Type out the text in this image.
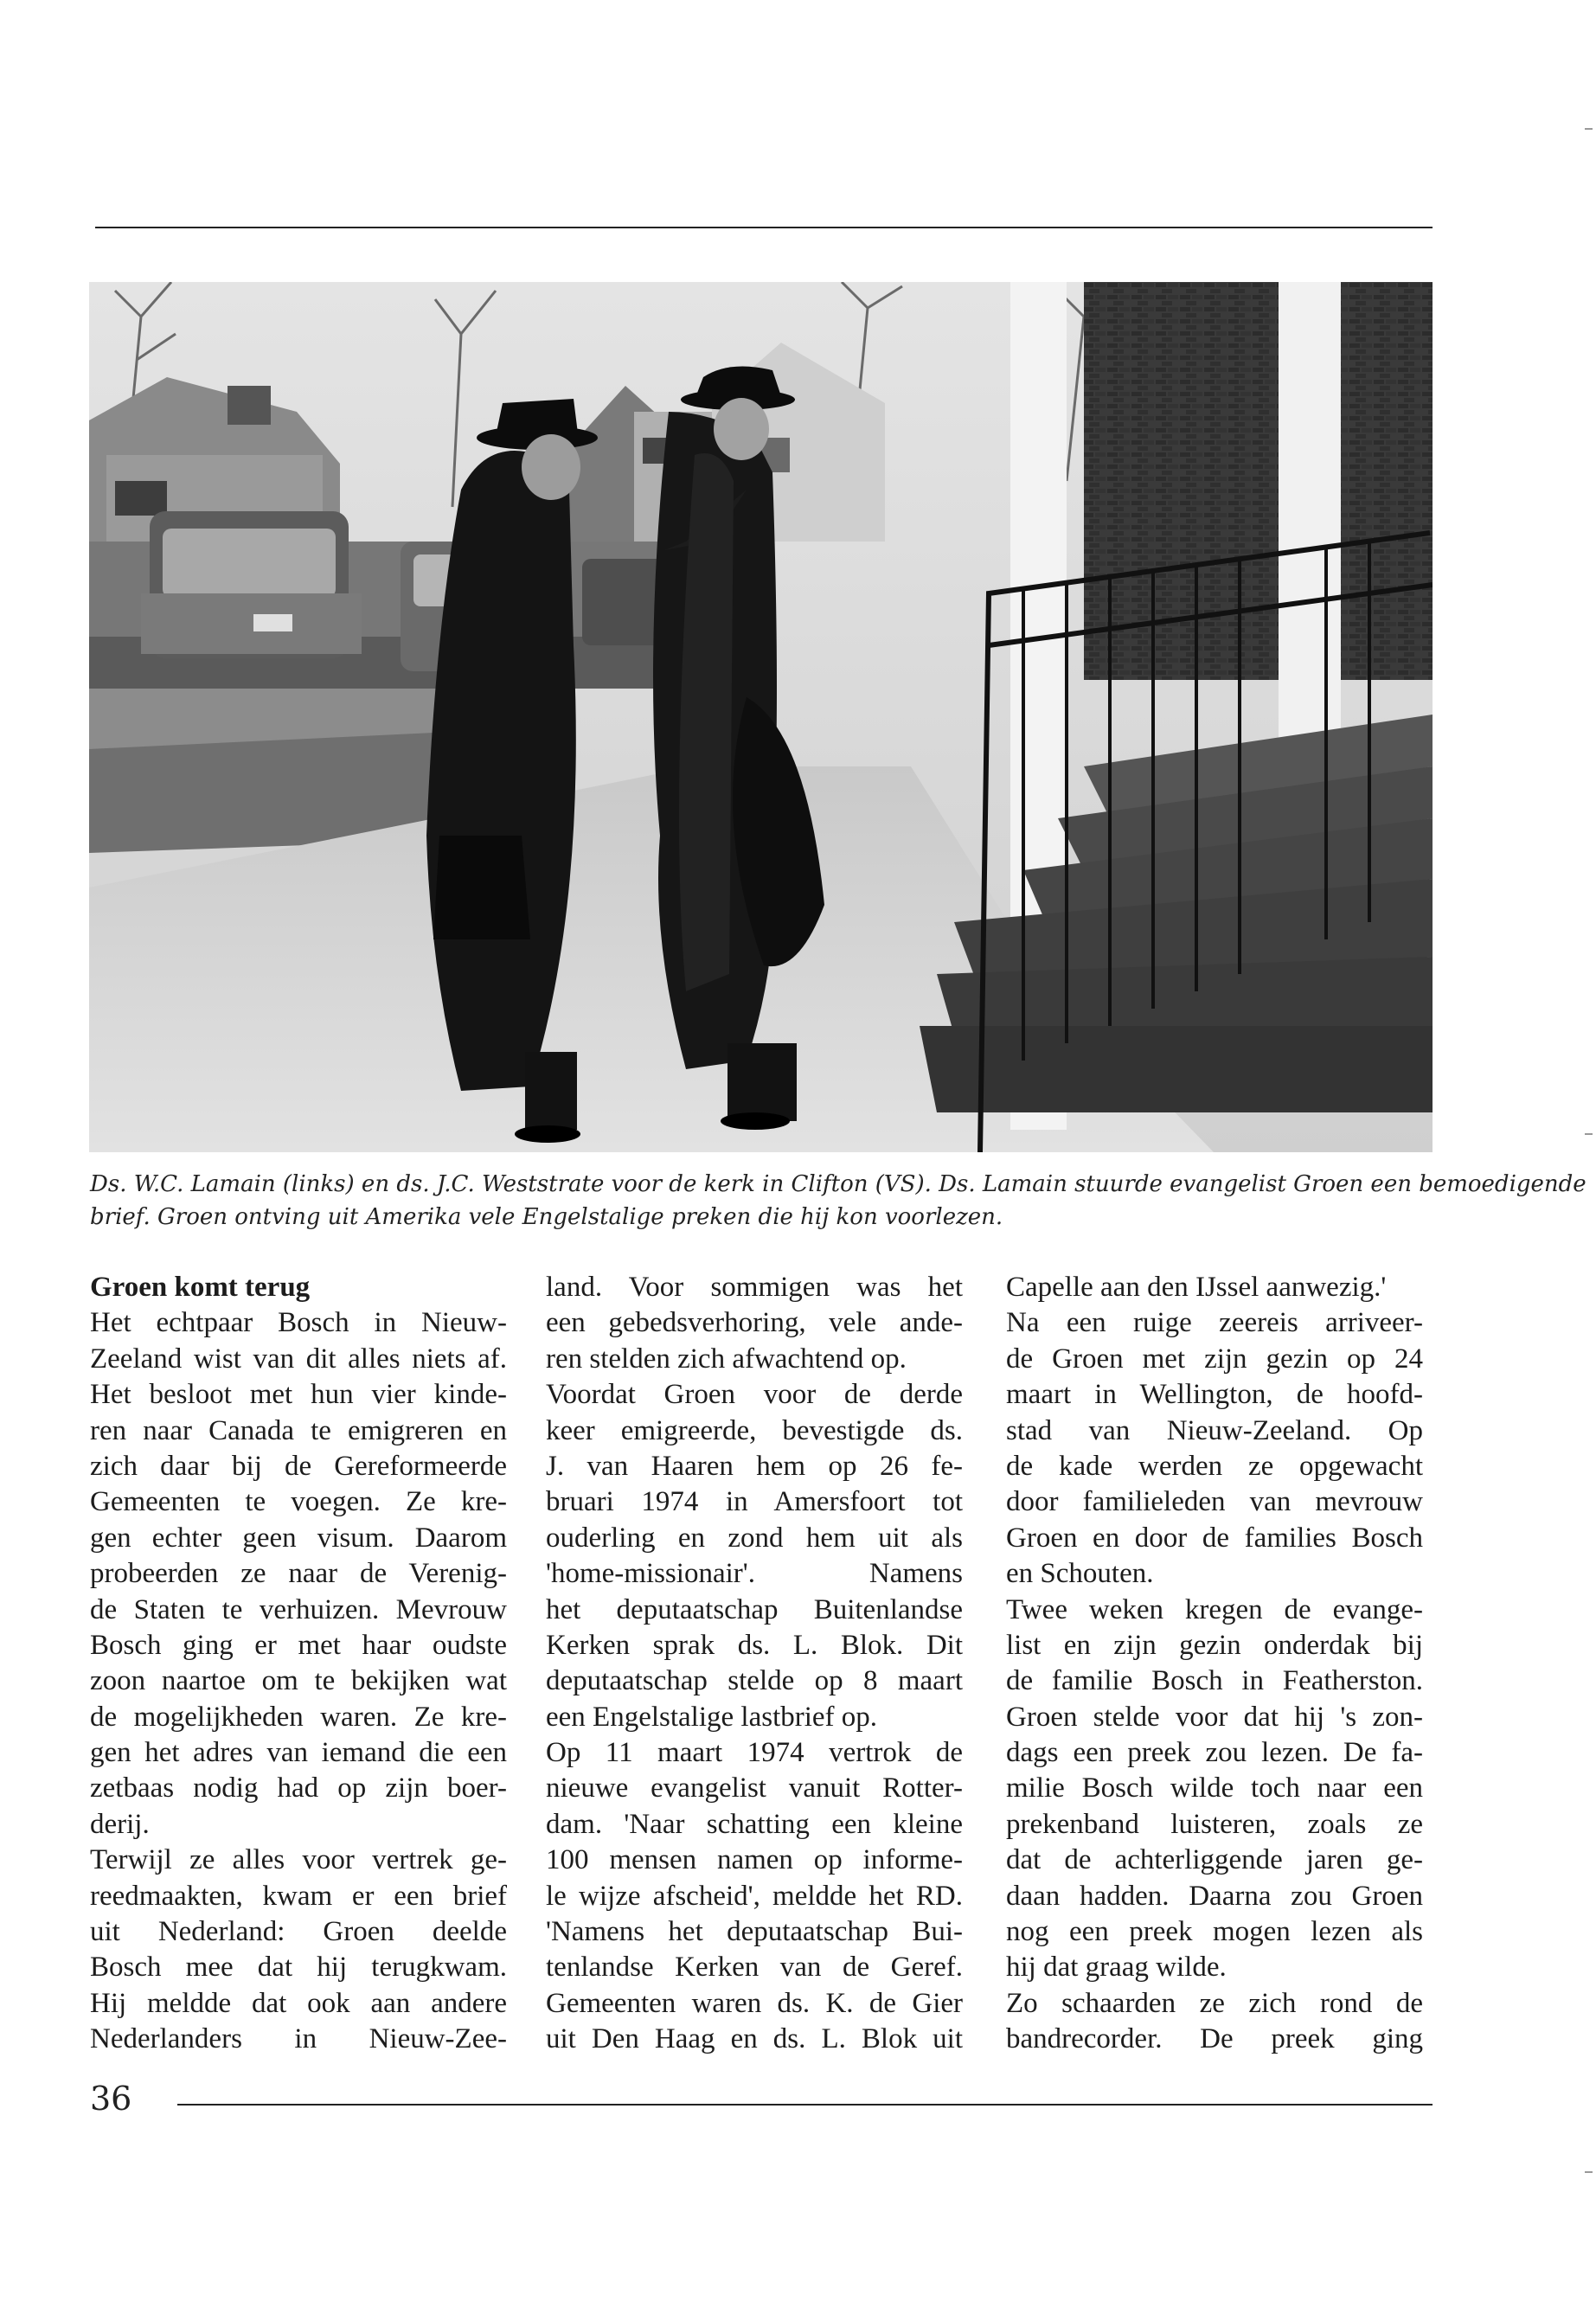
Ds. W.C. Lamain (links) en ds. J.C. Weststrate voor de kerk in Clifton (VS). Ds. Lamain stuurde evangelist Groen een bemoedigende
brief. Groen ontving uit Amerika vele Engelstalige preken die hij kon voorlezen.
Groen komt terug
Het echtpaar Bosch in Nieuw-
Zeeland wist van dit alles niets af.
Het besloot met hun vier kinde-
ren naar Canada te emigreren en
zich daar bij de Gereformeerde
Gemeenten te voegen. Ze kre-
gen echter geen visum. Daarom
probeerden ze naar de Verenig-
de Staten te verhuizen. Mevrouw
Bosch ging er met haar oudste
zoon naartoe om te bekijken wat
de mogelijkheden waren. Ze kre-
gen het adres van iemand die een
zetbaas nodig had op zijn boer-
derij.
Terwijl ze alles voor vertrek ge-
reedmaakten, kwam er een brief
uit Nederland: Groen deelde
Bosch mee dat hij terugkwam.
Hij meldde dat ook aan andere
Nederlanders in Nieuw-Zee-
land. Voor sommigen was het
een gebedsverhoring, vele ande-
ren stelden zich afwachtend op.
Voordat Groen voor de derde
keer emigreerde, bevestigde ds.
J. van Haaren hem op 26 fe-
bruari 1974 in Amersfoort tot
ouderling en zond hem uit als
'home-missionair'. Namens
het deputaatschap Buitenlandse
Kerken sprak ds. L. Blok. Dit
deputaatschap stelde op 8 maart
een Engelstalige lastbrief op.
Op 11 maart 1974 vertrok de
nieuwe evangelist vanuit Rotter-
dam. 'Naar schatting een kleine
100 mensen namen op informe-
le wijze afscheid', meldde het RD.
'Namens het deputaatschap Bui-
tenlandse Kerken van de Geref.
Gemeenten waren ds. K. de Gier
uit Den Haag en ds. L. Blok uit
Capelle aan den IJssel aanwezig.'
Na een ruige zeereis arriveer-
de Groen met zijn gezin op 24
maart in Wellington, de hoofd-
stad van Nieuw-Zeeland. Op
de kade werden ze opgewacht
door familieleden van mevrouw
Groen en door de families Bosch
en Schouten.
Twee weken kregen de evange-
list en zijn gezin onderdak bij
de familie Bosch in Featherston.
Groen stelde voor dat hij 's zon-
dags een preek zou lezen. De fa-
milie Bosch wilde toch naar een
prekenband luisteren, zoals ze
dat de achterliggende jaren ge-
daan hadden. Daarna zou Groen
nog een preek mogen lezen als
hij dat graag wilde.
Zo schaarden ze zich rond de
bandrecorder. De preek ging
36
